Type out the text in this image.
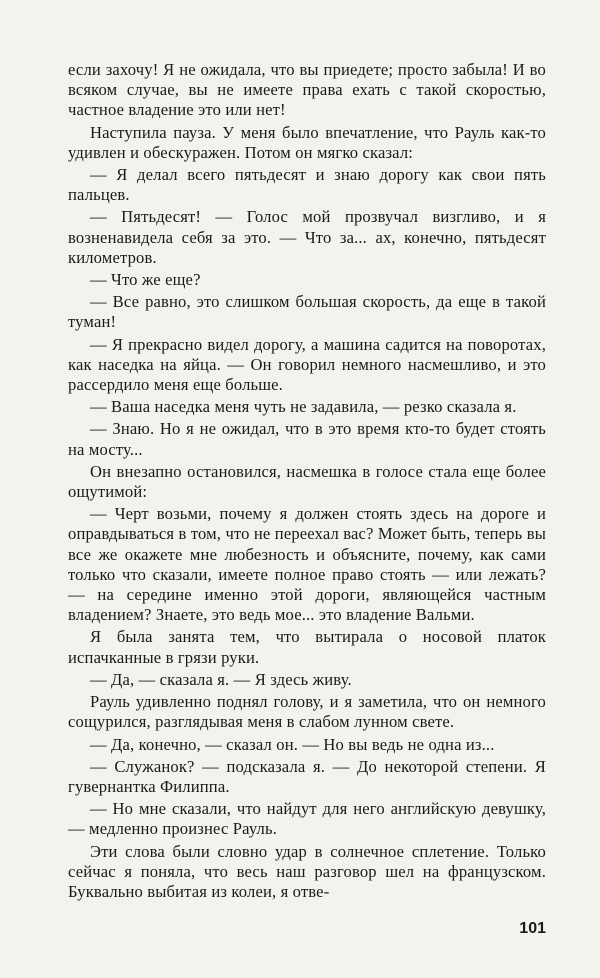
если захочу! Я не ожидала, что вы приедете; просто забыла! И во всяком случае, вы не имеете права ехать с такой скоростью, частное владение это или нет!

Наступила пауза. У меня было впечатление, что Рауль как-то удивлен и обескуражен. Потом он мягко сказал:

— Я делал всего пятьдесят и знаю дорогу как свои пять пальцев.

— Пятьдесят! — Голос мой прозвучал визгливо, и я возненавидела себя за это. — Что за... ах, конечно, пятьдесят километров.

— Что же еще?

— Все равно, это слишком большая скорость, да еще в такой туман!

— Я прекрасно видел дорогу, а машина садится на поворотах, как наседка на яйца. — Он говорил немного насмешливо, и это рассердило меня еще больше.

— Ваша наседка меня чуть не задавила, — резко сказала я.

— Знаю. Но я не ожидал, что в это время кто-то будет стоять на мосту...

Он внезапно остановился, насмешка в голосе стала еще более ощутимой:

— Черт возьми, почему я должен стоять здесь на дороге и оправдываться в том, что не переехал вас? Может быть, теперь вы все же окажете мне любезность и объясните, почему, как сами только что сказали, имеете полное право стоять — или лежать? — на середине именно этой дороги, являющейся частным владением? Знаете, это ведь мое... это владение Вальми.

Я была занята тем, что вытирала о носовой платок испачканные в грязи руки.

— Да, — сказала я. — Я здесь живу.

Рауль удивленно поднял голову, и я заметила, что он немного сощурился, разглядывая меня в слабом лунном свете.

— Да, конечно, — сказал он. — Но вы ведь не одна из...

— Служанок? — подсказала я. — До некоторой степени. Я гувернантка Филиппа.

— Но мне сказали, что найдут для него английскую девушку, — медленно произнес Рауль.

Эти слова были словно удар в солнечное сплетение. Только сейчас я поняла, что весь наш разговор шел на французском. Буквально выбитая из колеи, я отве-

101
